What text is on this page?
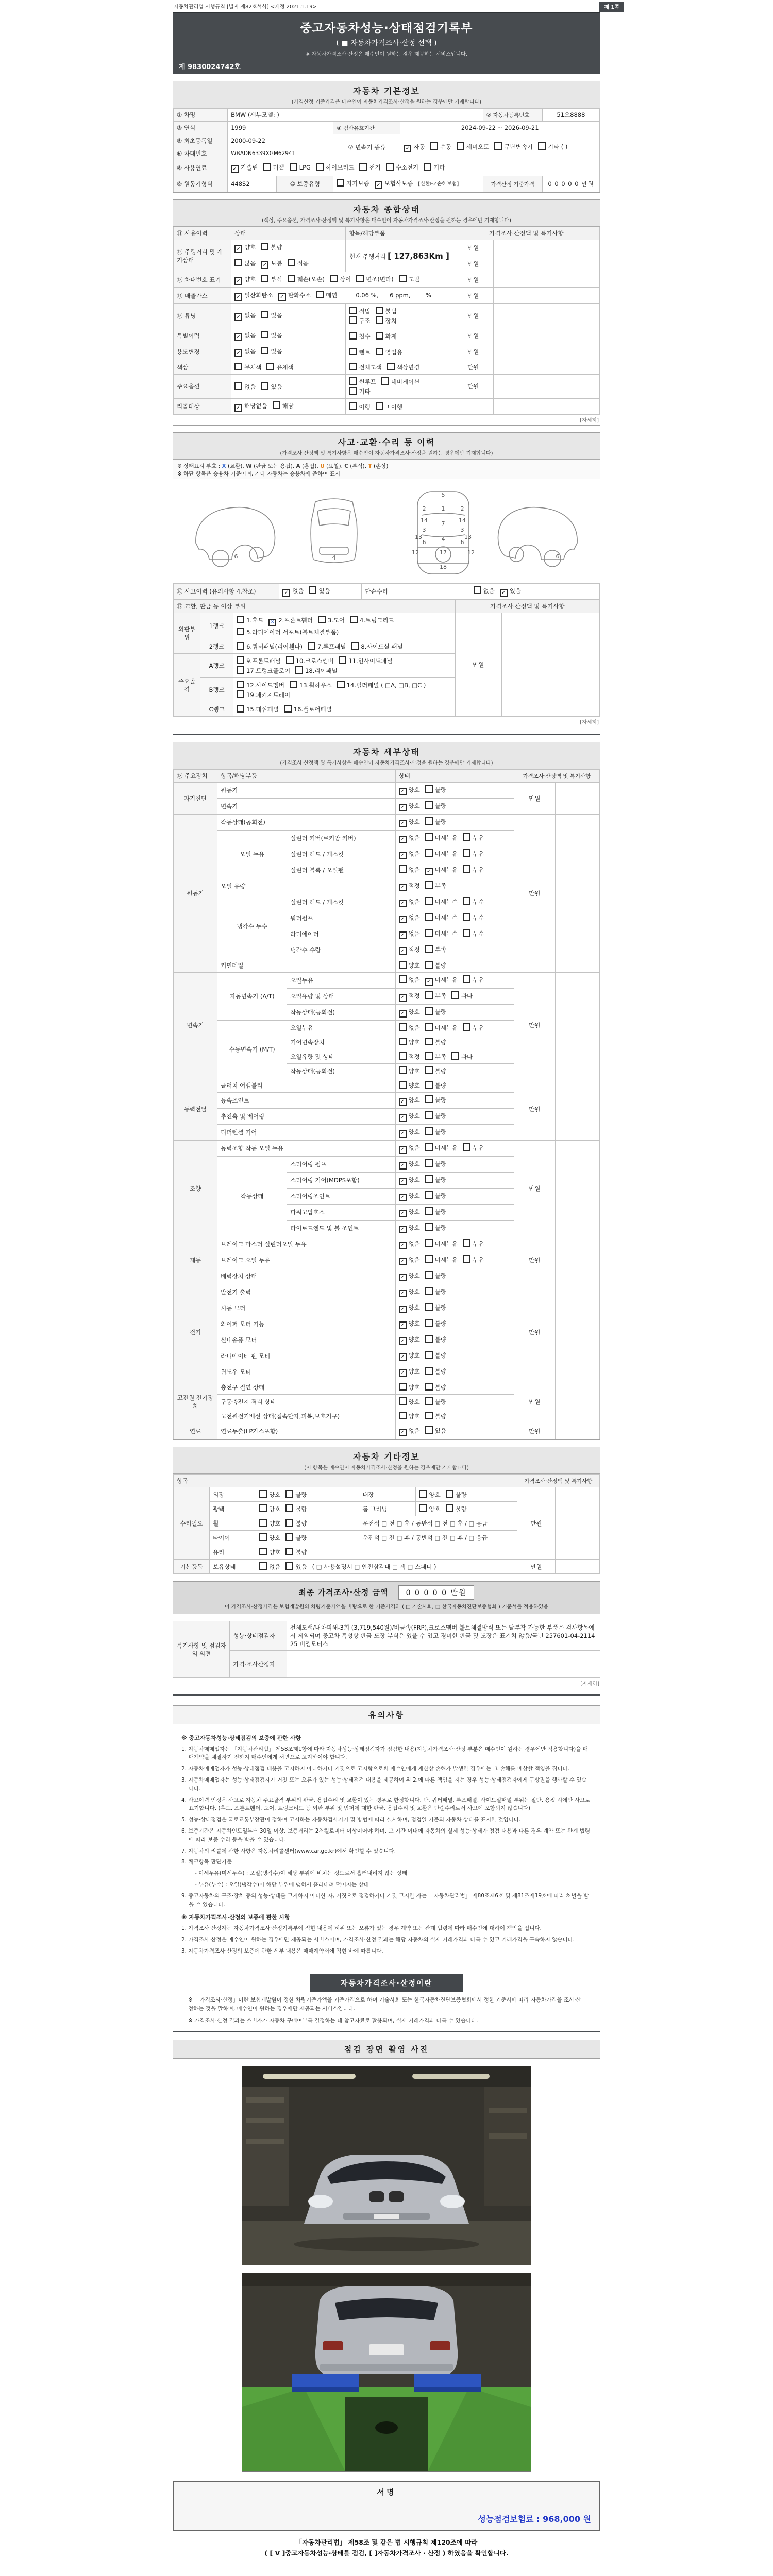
자동차관리법 시행규칙 [별지 제82호서식] <개정 2021.1.19>	제 1쪽
중고자동차성능·상태점검기록부
( ■ 자동차가격조사·산정 선택 )
※ 자동차가격조사·산정은 매수인이 원하는 경우 제공하는 서비스입니다.
제 9830024742호
자동차 기본정보
(가격산정 기준가격은 매수인이 자동차가격조사·산정을 원하는 경우에만 기재합니다)
① 차명	BMW (세부모델: )				② 자동차등록번호	51오8888
③ 연식	1999		④ 검사유효기간	2024-09-22 ~ 2026-09-21		
⑤ 최초등록일	2000-09-22		⑦ 변속기 종류	✓ 자동 수동 세미오토 무단변속기 기타 ( )		
⑥ 차대번호	WBADN6339XGM62941					
⑧ 사용연료	✓ 가솔린 디젤 LPG 하이브리드 전기 수소전기 기타					
⑨ 원동기형식	448S2	⑩ 보증유형	자가보증 ✓ 보험사보증 [신한EZ손해보험]		가격산정 기준가격	0 0 0 0 0 만원
자동차 종합상태
(색상, 주요옵션, 가격조사·산정액 및 특기사항은 매수인이 자동차가격조사·산정을 원하는 경우에만 기재합니다)
⑪ 사용이력	상태	항목/해당부품	가격조사·산정액 및 특기사항	
⑫ 주행거리 및 계기상태	✓ 양호 불량	현재 주행거리 [ 127,863Km ]	만원	
	많음 ✓ 보통 적음		만원	
⑬ 차대번호 표기	✓ 양호 부식 훼손(오손) 상이 변조(변타) 도말		만원	
⑭ 배출가스	✓ 일산화탄소 ✓ 탄화수소 매연 0.06 %,      6 ppm,        %		만원	
⑮ 튜닝	✓ 없음 있음	적법 불법구조 장치	만원	
특별이력	✓ 없음 있음	침수 화재	만원	
용도변경	✓ 없음 있음	렌트 영업용	만원	
색상	무채색 유채색	전체도색 색상변경	만원	
주요옵션	없음 있음	썬루프 네비게이션기타	만원	
리콜대상	✓ 해당없음 해당	이행 미이행		
[자세히]
사고·교환·수리 등 이력
(가격조사·산정액 및 특기사항은 매수인이 자동차가격조사·산정을 원하는 경우에만 기재합니다)
※ 상태표시 부호 : X (교환), W (판금 또는 용접), A (흠집), U (요철), C (부식), T (손상)
※ 하단 항목은 승용차 기준이며, 기타 자동차는 승용차에 준하여 표시
6	4
5
1
7
4
17
18
2	2
14	14
3	3
6	6
13	13
12	12
6
⑯ 사고이력 (유의사항 4.참조)	✓ 없음	있음	단순수리	없음 ✓ 있음
⑰ 교환, 판금 등 이상 부위			가격조사·산정액 및 특기사항	
외판부위	1랭크	1.후드 ✕ 2.프론트휀더 3.도어 4.트렁크리드5.라디에이터 서포트(볼트체결부품)	만원	
	2랭크	6.쿼터패널(리어휀다) 7.루프패널 8.사이드실 패널		
주요골격	A랭크	9.프론트패널 10.크로스멤버 11.인사이드패널17.트렁크플로어 18.리어패널		
	B랭크	12.사이드멤버 13.휠하우스 14.필러패널 ( □A, □B, □C )19.패키지트레이		
	C랭크	15.대쉬패널 16.플로어패널		
[자세히]
자동차 세부상태
(가격조사·산정액 및 특기사항은 매수인이 자동차가격조사·산정을 원하는 경우에만 기재합니다)
⑱ 주요장치	항목/해당부품		상태	가격조사·산정액 및 특기사항	
자기진단	원동기		✓ 양호 불량	만원	
	변속기		✓ 양호 불량		
원동기	작동상태(공회전)		✓ 양호 불량	만원	
	오일 누유	실린더 커버(로커암 커버)	✓ 없음 미세누유 누유		
		실린더 헤드 / 개스킷	✓ 없음 미세누유 누유		
		실린더 블록 / 오일팬	없음 ✓ 미세누유 누유		
	오일 유량		✓ 적정 부족		
	냉각수 누수	실린더 헤드 / 개스킷	✓ 없음 미세누수 누수		
		워터펌프	✓ 없음 미세누수 누수		
		라디에이터	✓ 없음 미세누수 누수		
		냉각수 수량	✓ 적정 부족		
	커먼레일		양호 불량		
변속기	자동변속기 (A/T)	오일누유	없음 ✓ 미세누유 누유	만원	
		오일유량 및 상태	✓ 적정 부족 과다		
		작동상태(공회전)	✓ 양호 불량		
	수동변속기 (M/T)	오일누유	없음 미세누유 누유		
		기어변속장치	양호 불량		
		오일유량 및 상태	적정 부족 과다		
		작동상태(공회전)	양호 불량		
동력전달	클러치 어셈블리		양호 불량	만원	
	등속죠인트		✓ 양호 불량		
	추진축 및 베어링		✓ 양호 불량		
	디퍼렌셜 기어		✓ 양호 불량		
조향	동력조향 작동 오일 누유		✓ 없음 미세누유 누유	만원	
	작동상태	스티어링 펌프	✓ 양호 불량		
		스티어링 기어(MDPS포함)	✓ 양호 불량		
		스티어링조인트	✓ 양호 불량		
		파워고압호스	✓ 양호 불량		
		타이로드엔드 및 볼 조인트	✓ 양호 불량		
제동	브레이크 마스터 실린더오일 누유		✓ 없음 미세누유 누유	만원	
	브레이크 오일 누유		✓ 없음 미세누유 누유		
	배력장치 상태		✓ 양호 불량		
전기	발전기 출력		✓ 양호 불량	만원	
	시동 모터		✓ 양호 불량		
	와이퍼 모터 기능		✓ 양호 불량		
	실내송풍 모터		✓ 양호 불량		
	라디에이터 팬 모터		✓ 양호 불량		
	윈도우 모터		✓ 양호 불량		
고전원 전기장치	충전구 절연 상태		양호 불량	만원	
	구동축전지 격리 상태		양호 불량		
	고전원전기배선 상태(접속단자,피복,보호기구)		양호 불량		
연료	연료누출(LP가스포함)		✓ 없음 있음	만원	
자동차 기타정보
(이 항목은 매수인이 자동차가격조사·산정을 원하는 경우에만 기재합니다)
항목					가격조사·산정액 및 특기사항	
수리필요	외장	양호 불량	내장	양호 불량	만원	
	광택	양호 불량	룸 크리닝	양호 불량		
	휠	양호 불량	운전석 □ 전 □ 후 / 동반석 □ 전 □ 후 / □ 응급			
	타이어	양호 불량	운전석 □ 전 □ 후 / 동반석 □ 전 □ 후 / □ 응급			
	유리	양호 불량				
기본품목	보유상태	없음 있음 ( □ 사용설명서 □ 안전삼각대 □ 잭 □ 스패너 )			만원	
최종 가격조사·산정 금액 0 0 0 0 0 만원
이 가격조사·산정가격은 보험개발원의 차량기준가액을 바탕으로 한 기준가격과 ( □ 기술사회, □ 한국자동차진단보증협회 ) 기준서를 적용하였음
특기사항 및 점검자의 의견	성능·상태점검자	전체도색/내차피해-3회 (3,719,540원)/비금속(FRP),크로스멤버 볼트체결방식 또는 탈부착 가능한 부품은 검사항목에서 제외되며 중고차 특성상 판금 도장 부식은 있을 수 있고 경미한 판금 및 도장은 표기치 않음/국민 257601-04-211425 비엠모터스
	가격·조사산정자	
[자세히]
유의사항
※ 중고자동차성능·상태점검의 보증에 관한 사항

1. 자동차매매업자는 「자동차관리법」 제58조제1항에 따라 자동차성능·상태점검자가 점검한 내용(자동차가격조사·산정 부분은 매수인이 원하는 경우에만 적용합니다)을 매매계약을 체결하기 전까지 매수인에게 서면으로 고지하여야 합니다.

2. 자동차매매업자가 성능·상태점검 내용을 고지하지 아니하거나 거짓으로 고지함으로써 매수인에게 재산상 손해가 발생한 경우에는 그 손해를 배상할 책임을 집니다.

3. 자동차매매업자는 성능·상태점검자가 거짓 또는 오류가 있는 성능·상태점검 내용을 제공하여 위 2.에 따른 책임을 지는 경우 성능·상태점검자에게 구상권을 행사할 수 있습니다.

4. 사고이력 인정은 사고로 자동차 주요골격 부위의 판금, 용접수리 및 교환이 있는 경우로 한정합니다. 단, 쿼터패널, 루프패널, 사이드실패널 부위는 절단, 용접 시에만 사고로 표기합니다. (후드, 프론트휀더, 도어, 트렁크리드 등 외판 부위 및 범퍼에 대한 판금, 용접수리 및 교환은 단순수리로서 사고에 포함되지 않습니다)

5. 성능·상태점검은 국토교통부장관이 정하여 고시하는 자동차검사기기 및 방법에 따라 실시하며, 점검일 기준의 자동차 상태를 표시한 것입니다.

6. 보증기간은 자동차인도일부터 30일 이상, 보증거리는 2천킬로미터 이상이어야 하며, 그 기간 이내에 자동차의 실제 성능·상태가 점검 내용과 다른 경우 계약 또는 관계 법령에 따라 보증 수리 등을 받을 수 있습니다.

7. 자동차의 리콜에 관한 사항은 자동차리콜센터(www.car.go.kr)에서 확인할 수 있습니다.

8. 체크항목 판단기준

- 미세누유(미세누수) : 오일(냉각수)이 해당 부위에 비치는 정도로서 흘러내리지 않는 상태

- 누유(누수) : 오일(냉각수)이 해당 부위에 맺혀서 흘러내려 떨어지는 상태

9. 중고자동차의 구조·장치 등의 성능·상태를 고지하지 아니한 자, 거짓으로 점검하거나 거짓 고지한 자는 「자동차관리법」 제80조제6호 및 제81조제19호에 따라 처벌을 받을 수 있습니다.

※ 자동차가격조사·산정의 보증에 관한 사항

1. 가격조사·산정자는 자동차가격조사·산정기록부에 적힌 내용에 허위 또는 오류가 있는 경우 계약 또는 관계 법령에 따라 매수인에 대하여 책임을 집니다.

2. 가격조사·산정은 매수인이 원하는 경우에만 제공되는 서비스이며, 가격조사·산정 결과는 해당 자동차의 실제 거래가격과 다를 수 있고 거래가격을 구속하지 않습니다.

3. 자동차가격조사·산정의 보증에 관한 세부 내용은 매매계약서에 적힌 바에 따릅니다.

자동차가격조사·산정이란
※ 「가격조사·산정」이란 보험개발원이 정한 차량기준가액을 기준가격으로 하여 기술사회 또는 한국자동차진단보증협회에서 정한 기준서에 따라 자동차가격을 조사·산정하는 것을 말하며, 매수인이 원하는 경우에만 제공되는 서비스입니다.
※ 가격조사·산정 결과는 소비자가 자동차 구매여부를 결정하는 데 참고자료로 활용되며, 실제 거래가격과 다를 수 있습니다.
점검 장면 촬영 사진
서명
성능점검보험료 : 968,000 원
「자동차관리법」 제58조 및 같은 법 시행규칙 제120조에 따라
( [ V ]중고자동차성능·상태를 점검, [ ]자동차가격조사 · 산정 ) 하였음을 확인합니다.
